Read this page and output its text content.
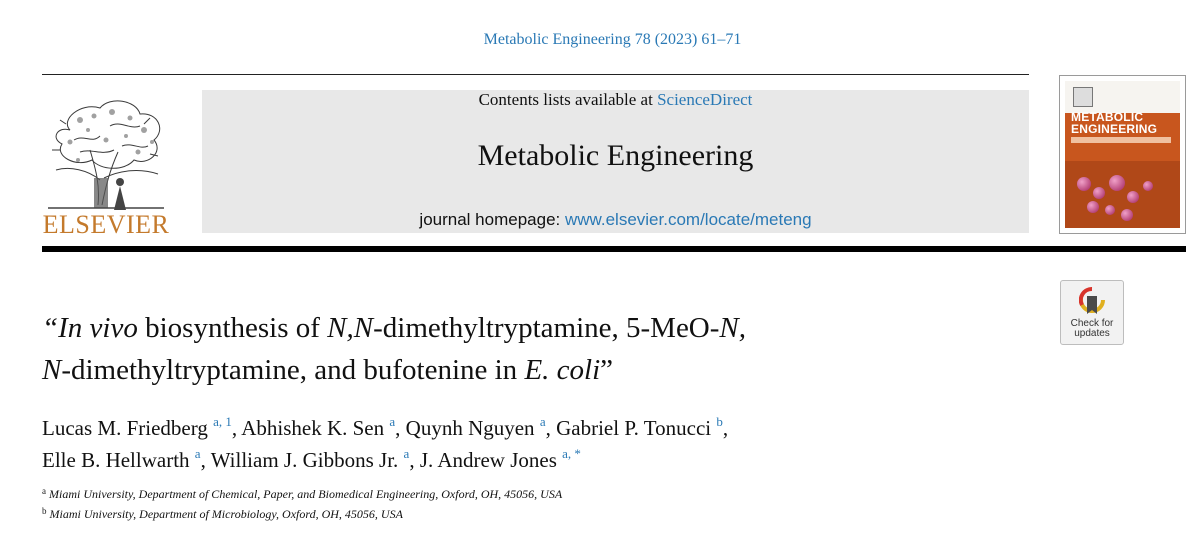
Metabolic Engineering 78 (2023) 61–71
ELSEVIER
Contents lists available at ScienceDirect
Metabolic Engineering
journal homepage: www.elsevier.com/locate/meteng
METABOLIC
ENGINEERING
Check for
updates
“In vivo biosynthesis of N,N-dimethyltryptamine, 5-MeO-N,
N-dimethyltryptamine, and bufotenine in E. coli”
Lucas M. Friedberg $^{a, 1}$, Abhishek K. Sen $^a$, Quynh Nguyen $^a$, Gabriel P. Tonucci $^b$,
Elle B. Hellwarth $^a$, William J. Gibbons Jr. $^a$, J. Andrew Jones $^{a, *}$
$^a$ Miami University, Department of Chemical, Paper, and Biomedical Engineering, Oxford, OH, 45056, USA
$^b$ Miami University, Department of Microbiology, Oxford, OH, 45056, USA
